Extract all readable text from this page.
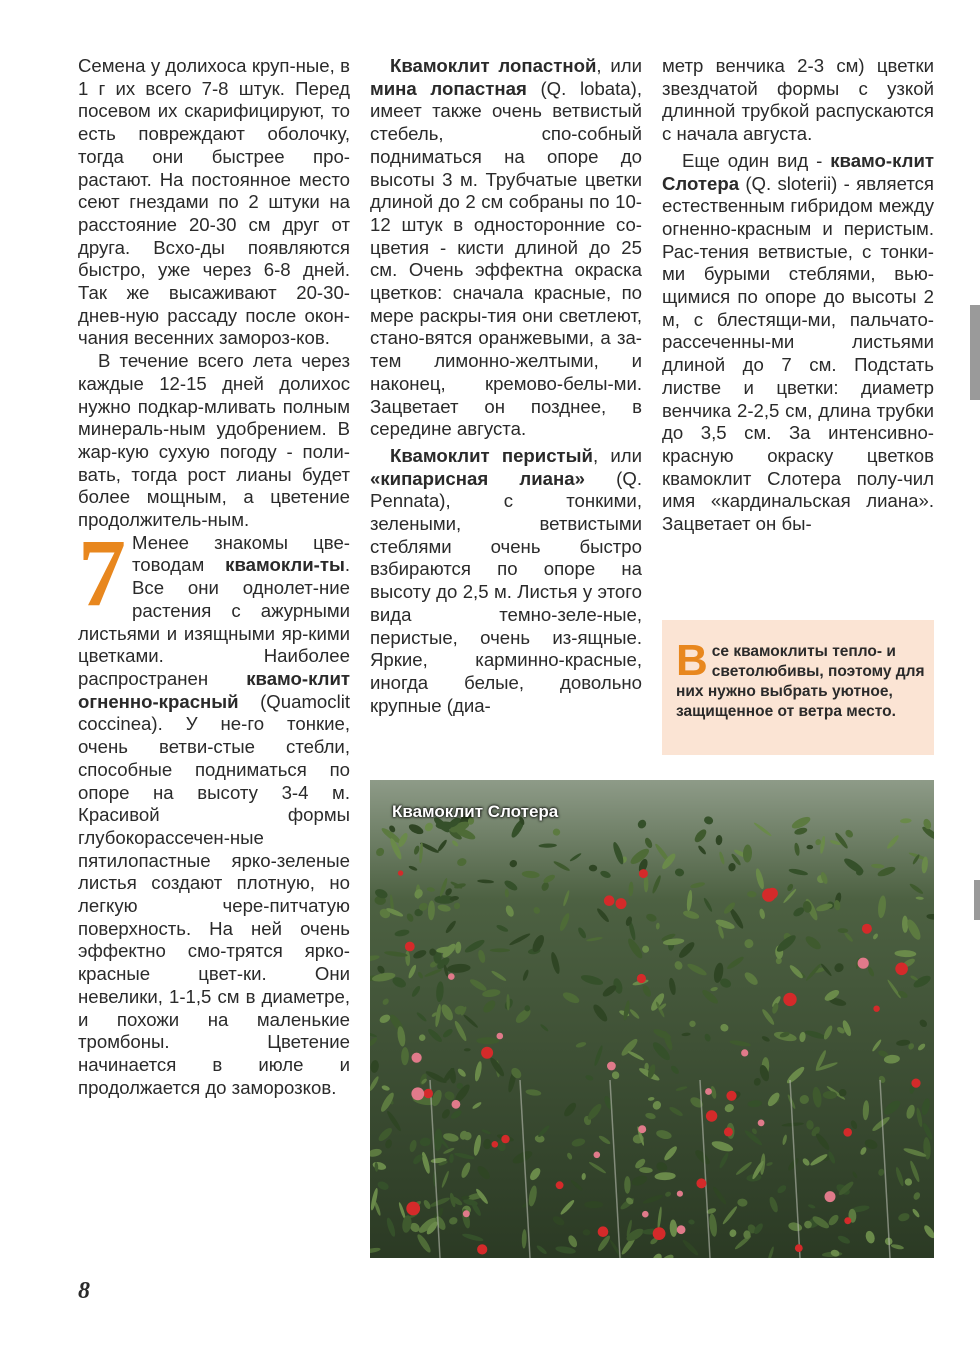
Семена у долихоса круп-ные, в 1 г их всего 7-8 штук. Перед посевом их скарифицируют, то есть повреждают оболочку, тогда они быстрее про-растают. На постоянное место сеют гнездами по 2 штуки на расстояние 20-30 см друг от друга. Всхо-ды появляются быстро, уже через 6-8 дней. Так же высаживают 20-30-днев-ную рассаду после окон-чания весенних замороз-ков.

В течение всего лета через каждые 12-15 дней долихос нужно подкар-мливать полным минераль-ным удобрением. В жар-кую сухую погоду - поли-вать, тогда рост лианы будет более мощным, а цветение продолжитель-ным.

7 Менее знакомы цве-товодам квамокли-ты. Все они однолет-ние растения с ажурными листьями и изящными яр-кими цветками. Наиболее распространен квамо-клит огненно-красный (Quamoclit coccinea). У не-го тонкие, очень ветви-стые стебли, способные подниматься по опоре на высоту 3-4 м. Красивой формы глубокорассечен-ные пятилопастные ярко-зеленые листья создают плотную, но легкую чере-питчатую поверхность. На ней очень эффектно смо-трятся ярко-красные цвет-ки. Они невелики, 1-1,5 см в диаметре, и похожи на маленькие тромбоны. Цветение начинается в июле и продолжается до заморозков.

Квамоклит лопастной, или мина лопастная (Q. lobata), имеет также очень ветвистый стебель, спо-собный подниматься на опоре до высоты 3 м. Трубчатые цветки длиной до 2 см собраны по 10-12 штук в односторонние со-цветия - кисти длиной до 25 см. Очень эффектна окраска цветков: сначала красные, по мере раскры-тия они светлеют, стано-вятся оранжевыми, а за-тем лимонно-желтыми, и наконец, кремово-белы-ми. Зацветает он позднее, в середине августа.

Квамоклит перистый, или «кипарисная лиана» (Q. Pennata), с тонкими, зелеными, ветвистыми стеблями очень быстро взбираются по опоре на высоту до 2,5 м. Листья у этого вида темно-зеле-ные, перистые, очень из-ящные. Яркие, карминно-красные, иногда белые, довольно крупные (диа-

метр венчика 2-3 см) цветки звездчатой формы с узкой длинной трубкой распускаются с начала августа.

Еще один вид - квамо-клит Слотера (Q. sloterii) - является естественным гибридом между огненно-красным и перистым. Рас-тения ветвистые, с тонки-ми бурыми стеблями, вью-щимися по опоре до высоты 2 м, с блестящи-ми, пальчато-рассеченны-ми листьями длиной до 7 см. Подстать листве и цветки: диаметр венчика 2-2,5 см, длина трубки до 3,5 см. За интенсивно-красную окраску цветков квамоклит Слотера полу-чил имя «кардинальская лиана». Зацветает он бы-

Все квамоклиты тепло- и светолюбивы, поэтому для них нужно выбрать уютное, защищенное от ветра место.
Квамоклит Слотера
8
